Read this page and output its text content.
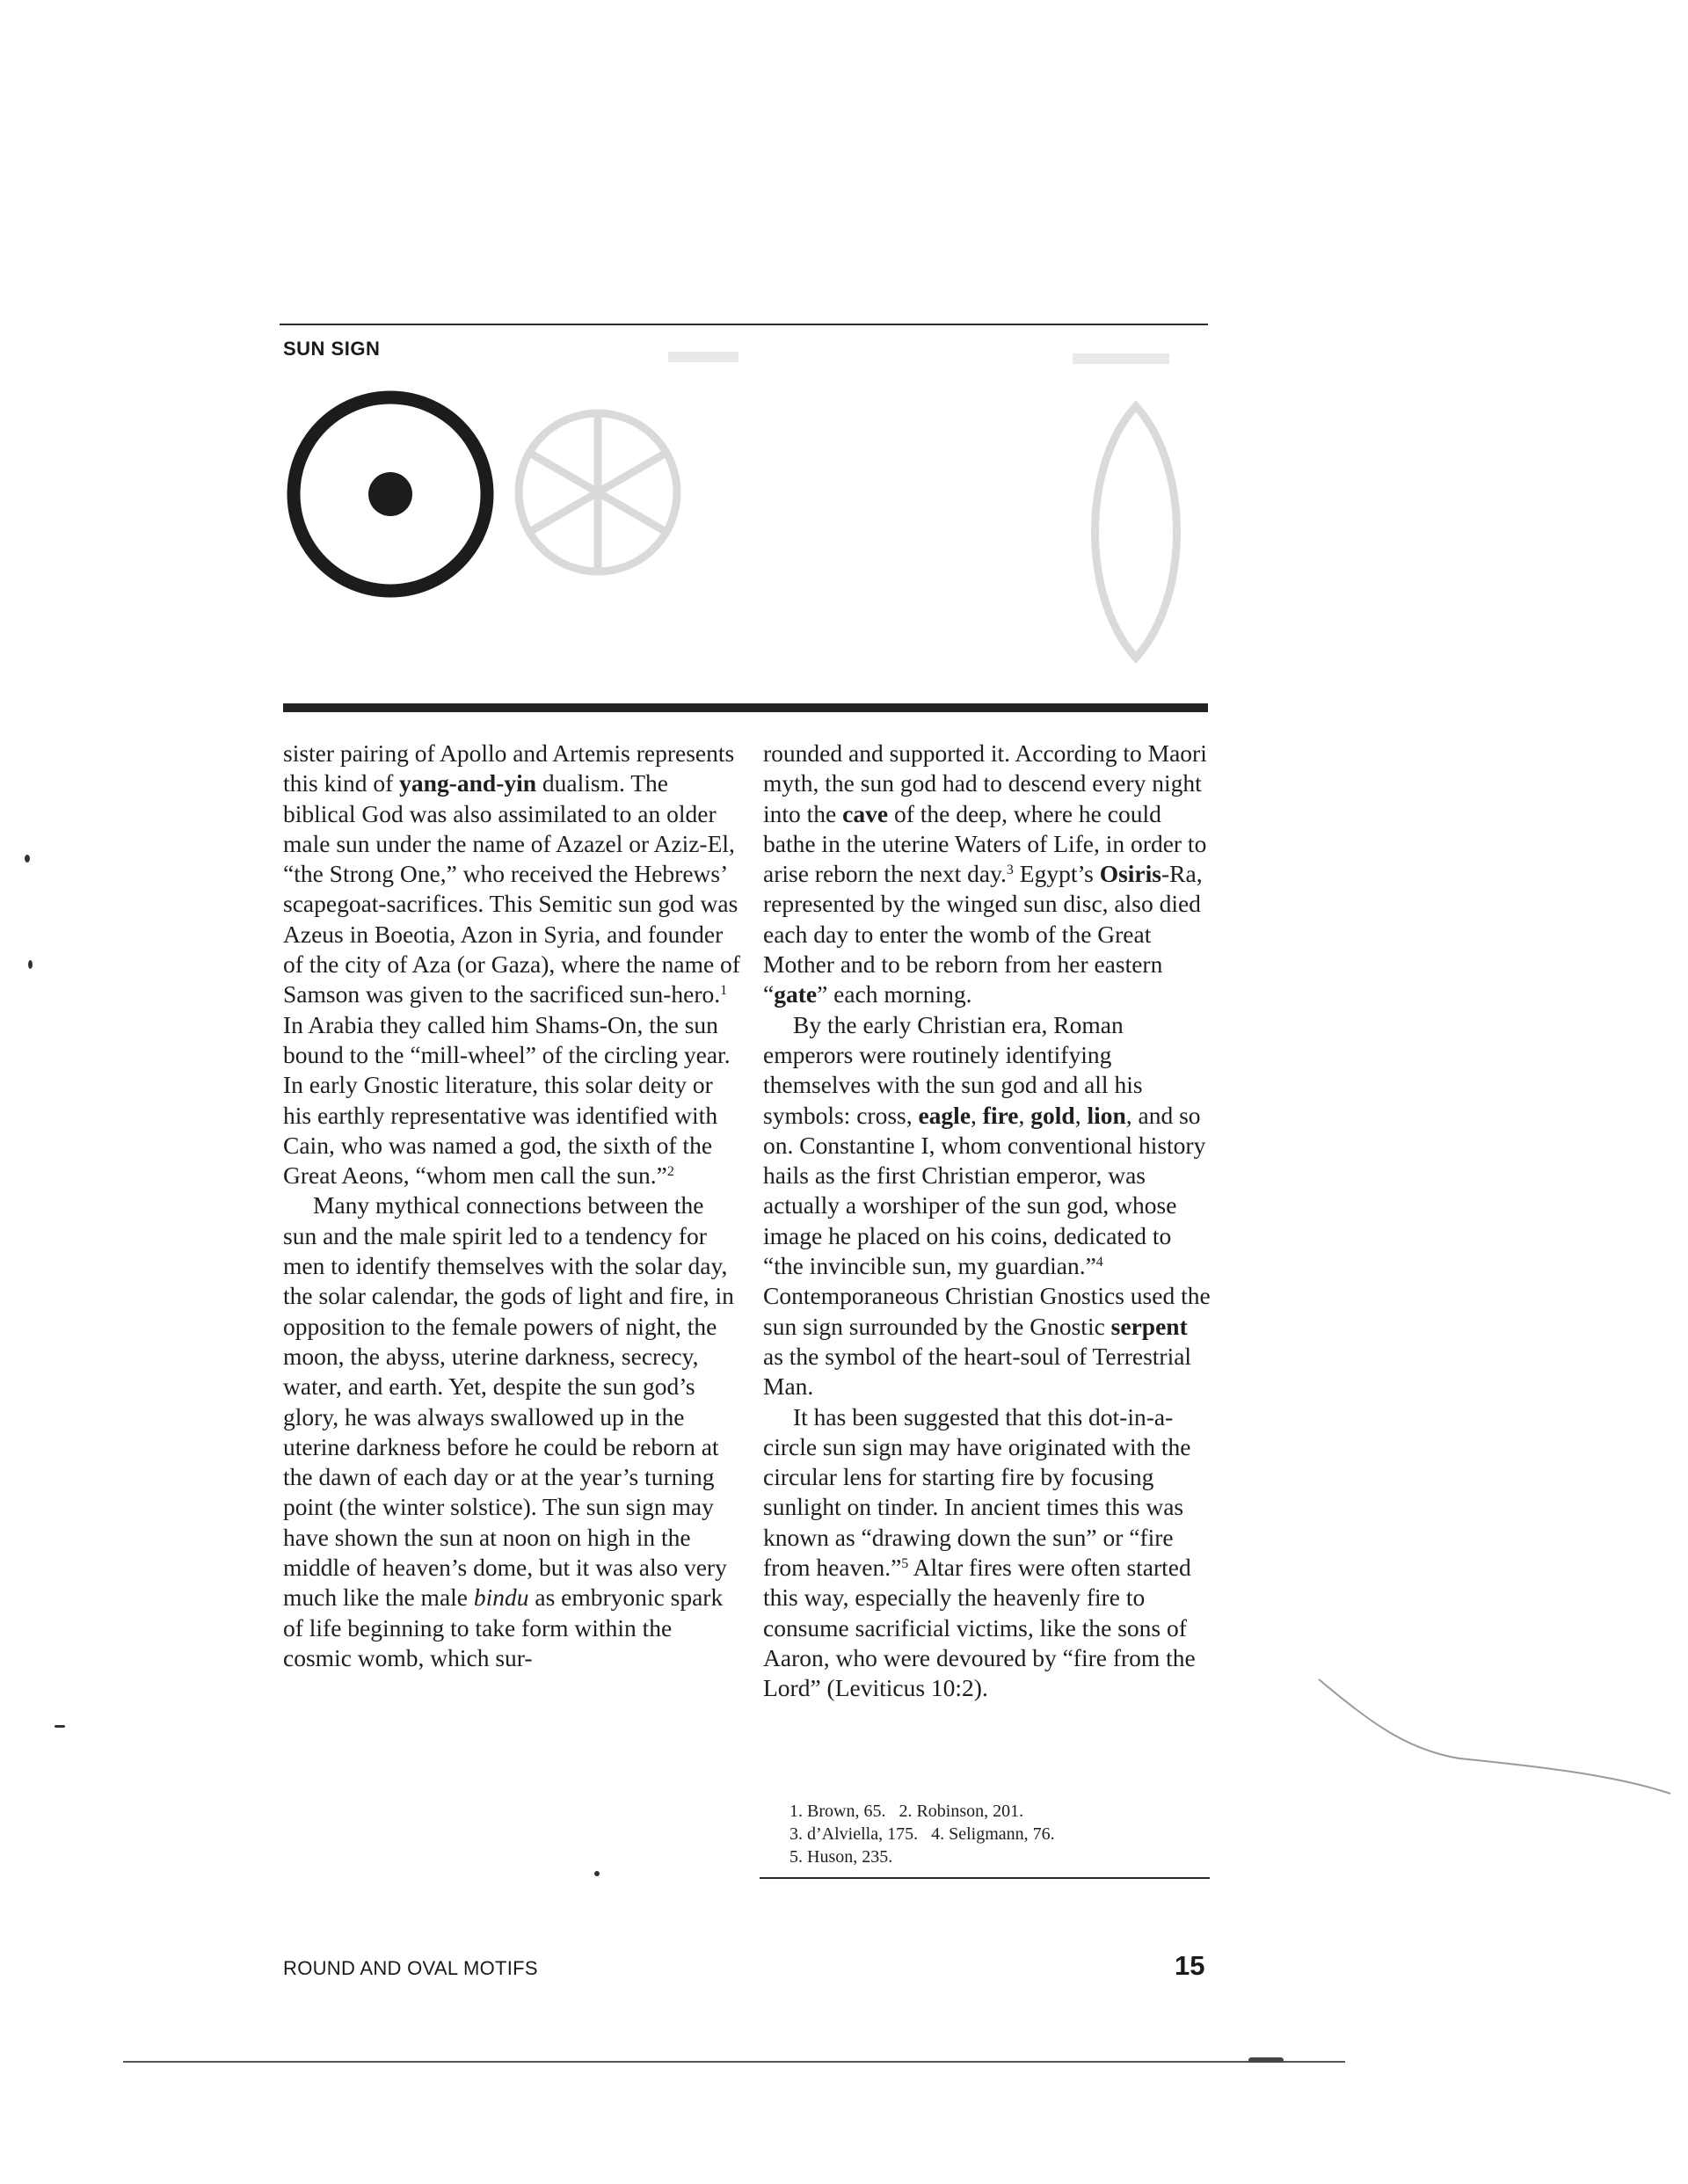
SUN SIGN

sister pairing of Apollo and Artemis represents this kind of yang-and-yin dualism. The biblical God was also assimilated to an older male sun under the name of Azazel or Aziz-El, “the Strong One,” who received the Hebrews’ scapegoat-sacrifices. This Semitic sun god was Azeus in Boeotia, Azon in Syria, and founder of the city of Aza (or Gaza), where the name of Samson was given to the sacrificed sun-hero.$^1$ In Arabia they called him Shams-On, the sun bound to the “mill-wheel” of the circling year. In early Gnostic literature, this solar deity or his earthly representative was identified with Cain, who was named a god, the sixth of the Great Aeons, “whom men call the sun.”$^2$

Many mythical connections between the sun and the male spirit led to a tendency for men to identify themselves with the solar day, the solar calendar, the gods of light and fire, in opposition to the female powers of night, the moon, the abyss, uterine darkness, secrecy, water, and earth. Yet, despite the sun god’s glory, he was always swallowed up in the uterine darkness before he could be reborn at the dawn of each day or at the year’s turning point (the winter solstice). The sun sign may have shown the sun at noon on high in the middle of heaven’s dome, but it was also very much like the male bindu as embryonic spark of life beginning to take form within the cosmic womb, which sur-

rounded and supported it. According to Maori myth, the sun god had to descend every night into the cave of the deep, where he could bathe in the uterine Waters of Life, in order to arise reborn the next day.$^3$ Egypt’s Osiris-Ra, represented by the winged sun disc, also died each day to enter the womb of the Great Mother and to be reborn from her eastern “gate” each morning.

By the early Christian era, Roman emperors were routinely identifying themselves with the sun god and all his symbols: cross, eagle, fire, gold, lion, and so on. Constantine I, whom conventional history hails as the first Christian emperor, was actually a worshiper of the sun god, whose image he placed on his coins, dedicated to “the invincible sun, my guardian.”$^4$ Contemporaneous Christian Gnostics used the sun sign surrounded by the Gnostic serpent as the symbol of the heart-soul of Terrestrial Man.

It has been suggested that this dot-in-a-circle sun sign may have originated with the circular lens for starting fire by focusing sunlight on tinder. In ancient times this was known as “drawing down the sun” or “fire from heaven.”$^5$ Altar fires were often started this way, especially the heavenly fire to consume sacrificial victims, like the sons of Aaron, who were devoured by “fire from the Lord” (Leviticus 10:2).

1. Brown, 65.   2. Robinson, 201.
3. d’Alviella, 175.   4. Seligmann, 76.
5. Huson, 235.
ROUND AND OVAL MOTIFS	15
